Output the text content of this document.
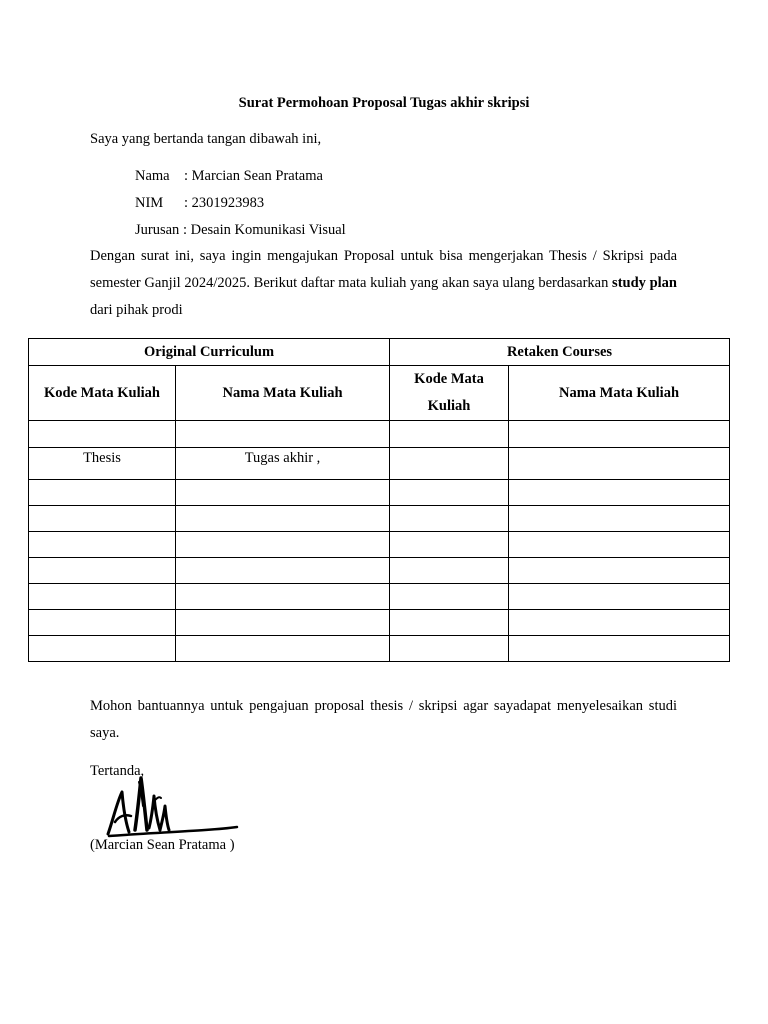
Surat Permohoan Proposal Tugas akhir skripsi
Saya yang bertanda tangan dibawah ini,
Nama : Marcian Sean Pratama
NIM : 2301923983
Jurusan : Desain Komunikasi Visual
Dengan surat ini, saya ingin mengajukan Proposal untuk bisa mengerjakan Thesis / Skripsi pada semester Ganjil 2024/2025. Berikut daftar mata kuliah yang akan saya ulang berdasarkan study plan dari pihak prodi
Original Curriculum		Retaken Courses	
Kode Mata Kuliah	Nama Mata Kuliah	Kode Mata Kuliah	Nama Mata Kuliah

Thesis	Tugas akhir ,		

Mohon bantuannya untuk pengajuan proposal thesis / skripsi agar sayadapat menyelesaikan studi saya.
Tertanda,
(Marcian Sean Pratama )
